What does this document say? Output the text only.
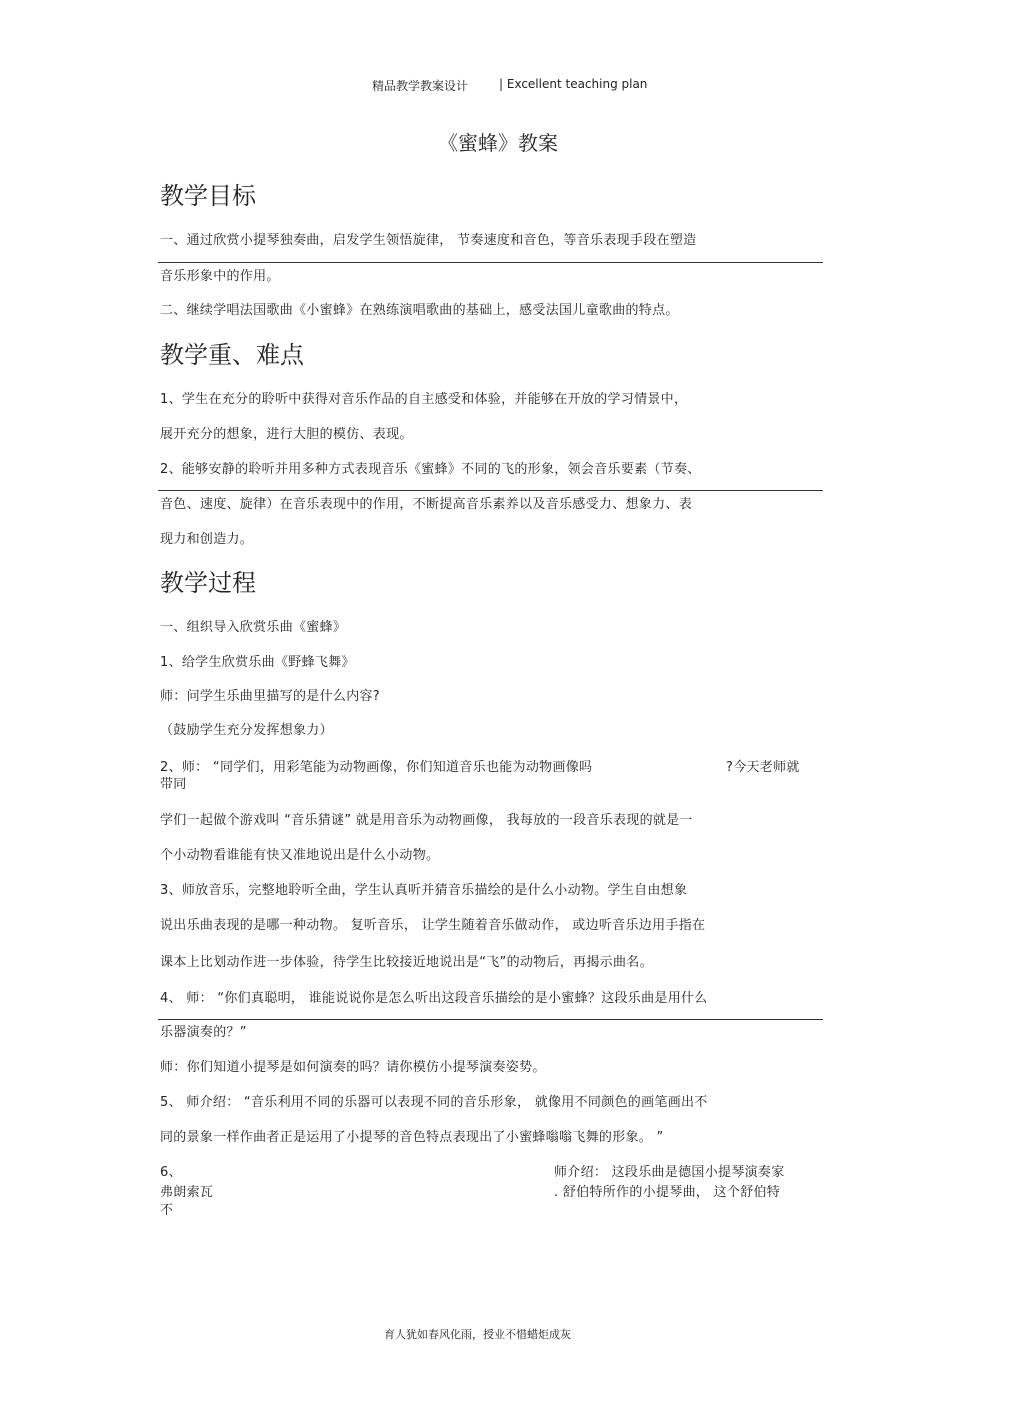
精品教学教案设计	| Excellent teaching plan
《蜜蜂》教案
教学目标
一、通过欣赏小提琴独奏曲，启发学生领悟旋律， 节奏速度和音色，等音乐表现手段在塑造
音乐形象中的作用。
二、继续学唱法国歌曲《小蜜蜂》在熟练演唱歌曲的基础上，感受法国儿童歌曲的特点。
教学重、难点
1、学生在充分的聆听中获得对音乐作品的自主感受和体验，并能够在开放的学习情景中，
展开充分的想象，进行大胆的模仿、表现。
2、能够安静的聆听并用多种方式表现音乐《蜜蜂》不同的飞的形象，领会音乐要素（节奏、
音色、速度、旋律）在音乐表现中的作用，不断提高音乐素养以及音乐感受力、想象力、表
现力和创造力。
教学过程
一、组织导入欣赏乐曲《蜜蜂》
1、给学生欣赏乐曲《野蜂飞舞》
师：问学生乐曲里描写的是什么内容?
（鼓励学生充分发挥想象力）
2、师： “同学们，用彩笔能为动物画像，你们知道音乐也能为动物画像吗	?今天老师就
带同
学们一起做个游戏叫 “音乐猜谜” 就是用音乐为动物画像， 我每放的一段音乐表现的就是一
个小动物看谁能有快又准地说出是什么小动物。
3、师放音乐，完整地聆听全曲，学生认真听并猜音乐描绘的是什么小动物。学生自由想象
说出乐曲表现的是哪一种动物。 复听音乐， 让学生随着音乐做动作， 或边听音乐边用手指在
课本上比划动作进一步体验，待学生比较接近地说出是“飞”的动物后，再揭示曲名。
4、 师： “你们真聪明， 谁能说说你是怎么听出这段音乐描绘的是小蜜蜂？这段乐曲是用什么
乐器演奏的？”
师：你们知道小提琴是如何演奏的吗？请你模仿小提琴演奏姿势。
5、 师介绍： “音乐利用不同的乐器可以表现不同的音乐形象， 就像用不同颜色的画笔画出不
同的景象一样作曲者正是运用了小提琴的音色特点表现出了小蜜蜂嗡嗡飞舞的形象。 ”
6、
弗朗索瓦
不
师介绍： 这段乐曲是德国小提琴演奏家
. 舒伯特所作的小提琴曲， 这个舒伯特
育人犹如春风化雨，授业不惜蜡炬成灰
